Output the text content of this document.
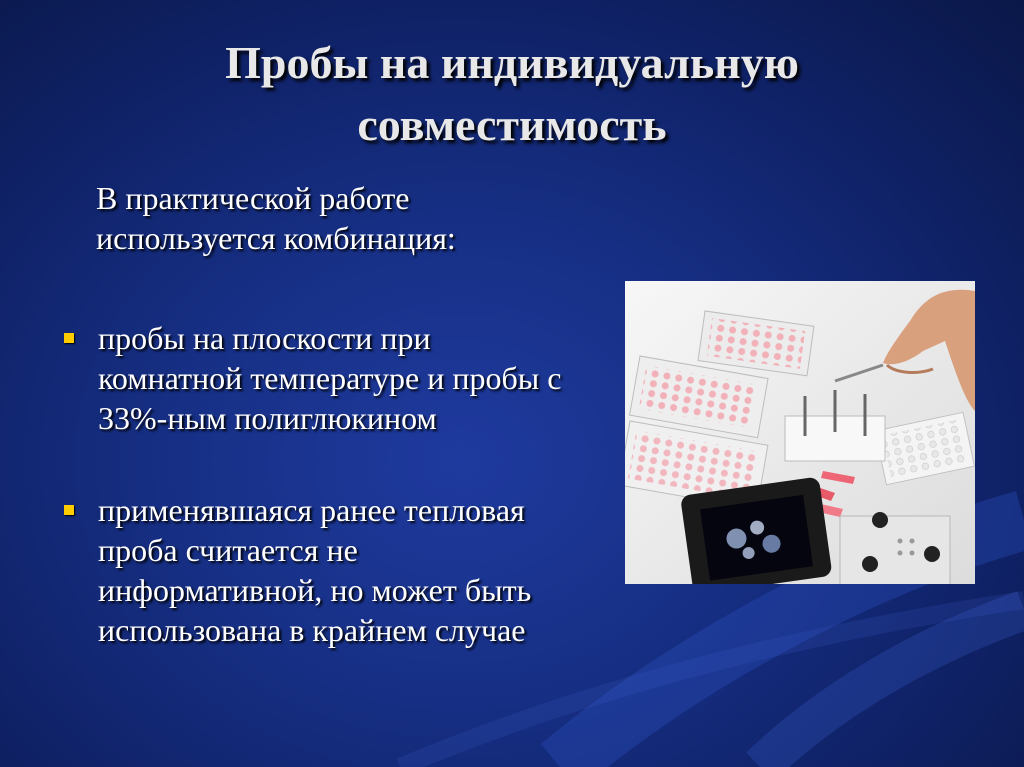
Пробы на индивидуальную совместимость
В практической работе используется комбинация:
пробы на плоскости при комнатной температуре и пробы с 33%-ным полиглюкином
применявшаяся ранее тепловая проба считается не информативной, но может быть использована в крайнем случае
